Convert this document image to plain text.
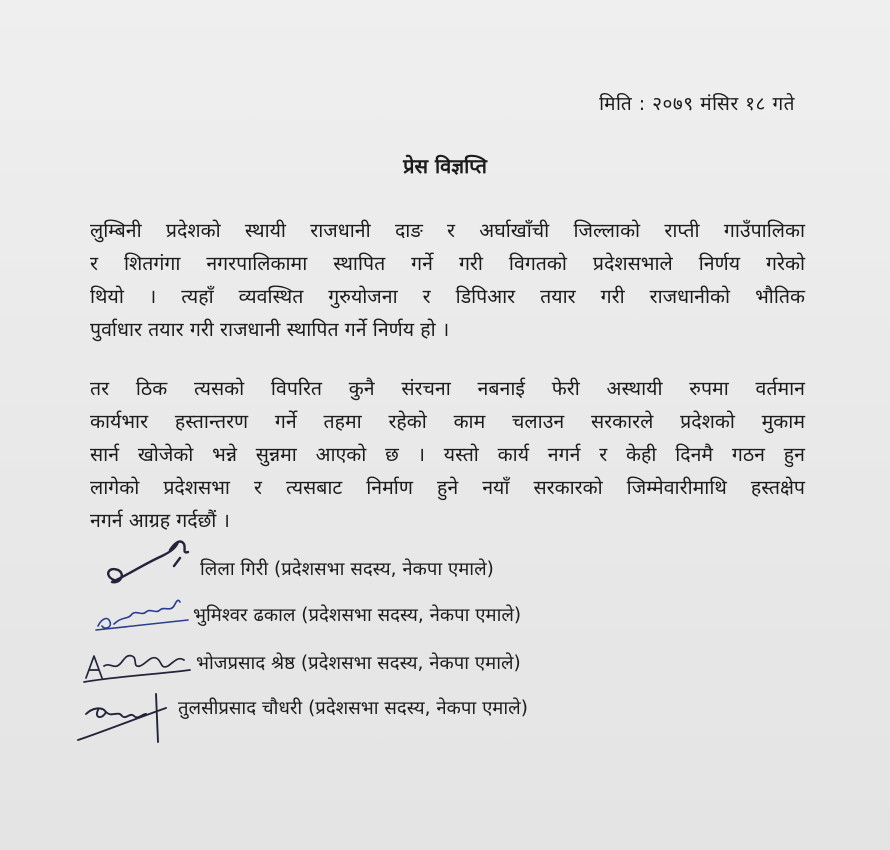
मिति : २०७९ मंसिर १८ गते
प्रेस विज्ञप्ति
लुम्बिनी प्रदेशको स्थायी राजधानी दाङ र अर्घाखाँची जिल्लाको राप्ती गाउँपालिका
र शितगंगा नगरपालिकामा स्थापित गर्ने गरी विगतको प्रदेशसभाले निर्णय गरेको
थियो । त्यहाँ व्यवस्थित गुरुयोजना र डिपिआर तयार गरी राजधानीको भौतिक
पुर्वाधार तयार गरी राजधानी स्थापित गर्ने निर्णय हो ।
तर ठिक त्यसको विपरित कुनै संरचना नबनाई फेरी अस्थायी रुपमा वर्तमान
कार्यभार हस्तान्तरण गर्ने तहमा रहेको काम चलाउन सरकारले प्रदेशको मुकाम
सार्न खोजेको भन्ने सुन्नमा आएको छ । यस्तो कार्य नगर्न र केही दिनमै गठन हुन
लागेको प्रदेशसभा र त्यसबाट निर्माण हुने नयाँ सरकारको जिम्मेवारीमाथि हस्तक्षेप
नगर्न आग्रह गर्दछौं ।
लिला गिरी (प्रदेशसभा सदस्य, नेकपा एमाले)
भुमिश्वर ढकाल (प्रदेशसभा सदस्य, नेकपा एमाले)
भोजप्रसाद श्रेष्ठ (प्रदेशसभा सदस्य, नेकपा एमाले)
तुलसीप्रसाद चौधरी (प्रदेशसभा सदस्य, नेकपा एमाले)
